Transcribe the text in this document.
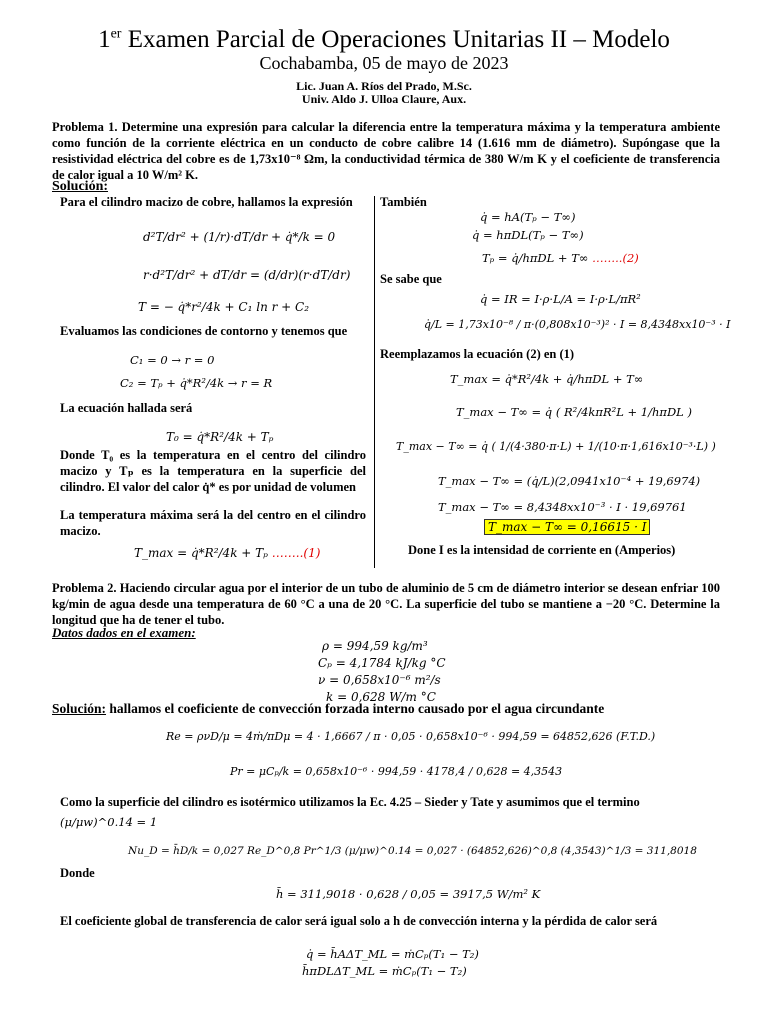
1er Examen Parcial de Operaciones Unitarias II – Modelo
Cochabamba, 05 de mayo de 2023
Lic. Juan A. Ríos del Prado, M.Sc.
Univ. Aldo J. Ulloa Claure, Aux.
Problema 1. Determine una expresión para calcular la diferencia entre la temperatura máxima y la temperatura ambiente como función de la corriente eléctrica en un conducto de cobre calibre 14 (1.616 mm de diámetro). Supóngase que la resistividad eléctrica del cobre es de 1,73x10⁻⁸ Ωm, la conductividad térmica de 380 W/m K y el coeficiente de transferencia de calor igual a 10 W/m² K.
Solución:
Para el cilindro macizo de cobre, hallamos la expresión
d²T/dr² + (1/r)·dT/dr + q̇*/k = 0
r·d²T/dr² + dT/dr = (d/dr)(r·dT/dr)
T = − q̇*r²/4k + C₁ ln r + C₂
Evaluamos las condiciones de contorno y tenemos que
C₁ = 0 → r = 0
C₂ = Tₚ + q̇*R²/4k → r = R
La ecuación hallada será
T₀ = q̇*R²/4k + Tₚ
Donde T₀ es la temperatura en el centro del cilindro macizo y Tₚ es la temperatura en la superficie del cilindro. El valor del calor q̇* es por unidad de volumen
La temperatura máxima será la del centro en el cilindro macizo.
T_max = q̇*R²/4k + Tₚ ……..(1)
También
q̇ = hA(Tₚ − T∞)
q̇ = hπDL(Tₚ − T∞)
Tₚ = q̇/hπDL + T∞ ……..(2)
Se sabe que
q̇ = IR = I·ρ·L/A = I·ρ·L/πR²
q̇/L = 1,73x10⁻⁸ / π·(0,808x10⁻³)² · I = 8,4348xx10⁻³ · I
Reemplazamos la ecuación (2) en (1)
T_max = q̇*R²/4k + q̇/hπDL + T∞
T_max − T∞ = q̇ ( R²/4kπR²L + 1/hπDL )
T_max − T∞ = q̇ ( 1/(4·380·π·L) + 1/(10·π·1,616x10⁻³·L) )
T_max − T∞ = (q̇/L)(2,0941x10⁻⁴ + 19,6974)
T_max − T∞ = 8,4348xx10⁻³ · I · 19,69761
T_max − T∞ = 0,16615 · I
Done I es la intensidad de corriente en (Amperios)
Problema 2. Haciendo circular agua por el interior de un tubo de aluminio de 5 cm de diámetro interior se desean enfriar 100 kg/min de agua desde una temperatura de 60 °C a una de 20 °C. La superficie del tubo se mantiene a −20 °C. Determine la longitud que ha de tener el tubo.
Datos dados en el examen:
ρ = 994,59 kg/m³
Cₚ = 4,1784 kJ/kg °C
ν = 0,658x10⁻⁶ m²/s
k = 0,628 W/m °C
Solución: hallamos el coeficiente de convección forzada interno causado por el agua circundante
Re = ρνD/μ = 4ṁ/πDμ = 4 · 1,6667 / π · 0,05 · 0,658x10⁻⁶ · 994,59 = 64852,626 (F.T.D.)
Pr = μCₚ/k = 0,658x10⁻⁶ · 994,59 · 4178,4 / 0,628 = 4,3543
Como la superficie del cilindro es isotérmico utilizamos la Ec. 4.25 – Sieder y Tate y asumimos que el termino
(μ/μw)^0.14 = 1
Nu_D = h̄D/k = 0,027 Re_D^0,8 Pr^1/3 (μ/μw)^0.14 = 0,027 · (64852,626)^0,8 (4,3543)^1/3 = 311,8018
Donde
h̄ = 311,9018 · 0,628 / 0,05 = 3917,5 W/m² K
El coeficiente global de transferencia de calor será igual solo a h de convección interna y la pérdida de calor será
q̇ = h̄AΔT_ML = ṁCₚ(T₁ − T₂)
h̄πDLΔT_ML = ṁCₚ(T₁ − T₂)
